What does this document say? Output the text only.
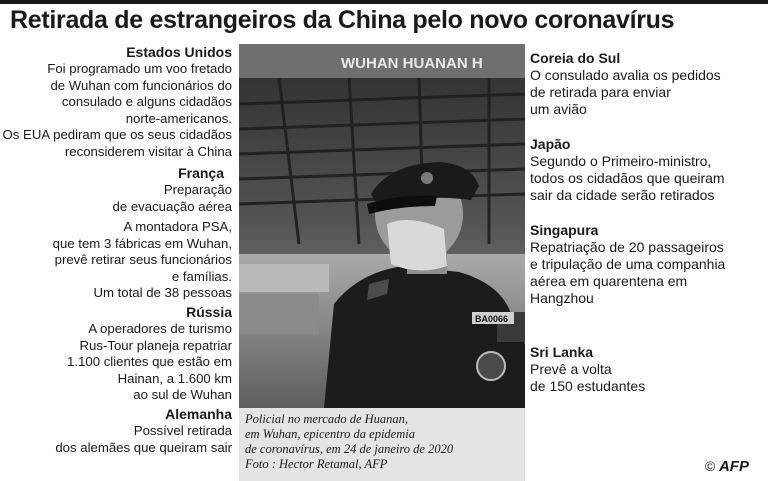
Retirada de estrangeiros da China pelo novo coronavírus
Estados Unidos
Foi programado um voo fretado
de Wuhan com funcionários do
consulado e alguns cidadãos
norte-americanos.
Os EUA pediram que os seus cidadãos
reconsiderem visitar à China
França
Preparação
de evacuação aérea
A montadora PSA,
que tem 3 fábricas em Wuhan,
prevê retirar seus funcionários
e famílias.
Um total de 38 pessoas
Rússia
A operadores de turismo
Rus-Tour planeja repatriar
1.100 clientes que estão em
Hainan, a 1.600 km
ao sul de Wuhan
Alemanha
Possível retirada
dos alemães que queiram sair
WUHAN HUANAN H
BA0066
Policial no mercado de Huanan,
em Wuhan, epicentro da epidemia
de coronavírus, em 24 de janeiro de 2020
Foto : Hector Retamal, AFP
Coreia do Sul
O consulado avalia os pedidos
de retirada para enviar
um avião
Japão
Segundo o Primeiro-ministro,
todos os cidadãos que queiram
sair da cidade serão retirados
Singapura
Repatriação de 20 passageiros
e tripulação de uma companhia
aérea em quarentena em
Hangzhou
Sri Lanka
Prevê a volta
de 150 estudantes
© AFP
